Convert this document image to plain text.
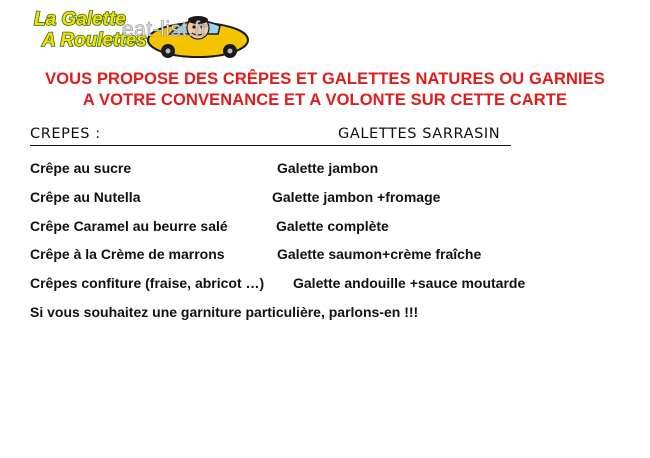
La Galette
A Roulettes
eat-list.fr
VOUS PROPOSE DES CRÊPES ET GALETTES NATURES OU GARNIES
A VOTRE CONVENANCE ET A VOLONTE SUR CETTE CARTE
CREPES :	GALETTES SARRASIN
Crêpe au sucre
Crêpe au Nutella
Crêpe Caramel au beurre salé
Crêpe à la Crème de marrons
Crêpes confiture (fraise, abricot …)
Galette jambon
Galette jambon +fromage
Galette complète
Galette saumon+crème fraîche
Galette andouille +sauce moutarde
Si vous souhaitez une garniture particulière, parlons-en !!!
